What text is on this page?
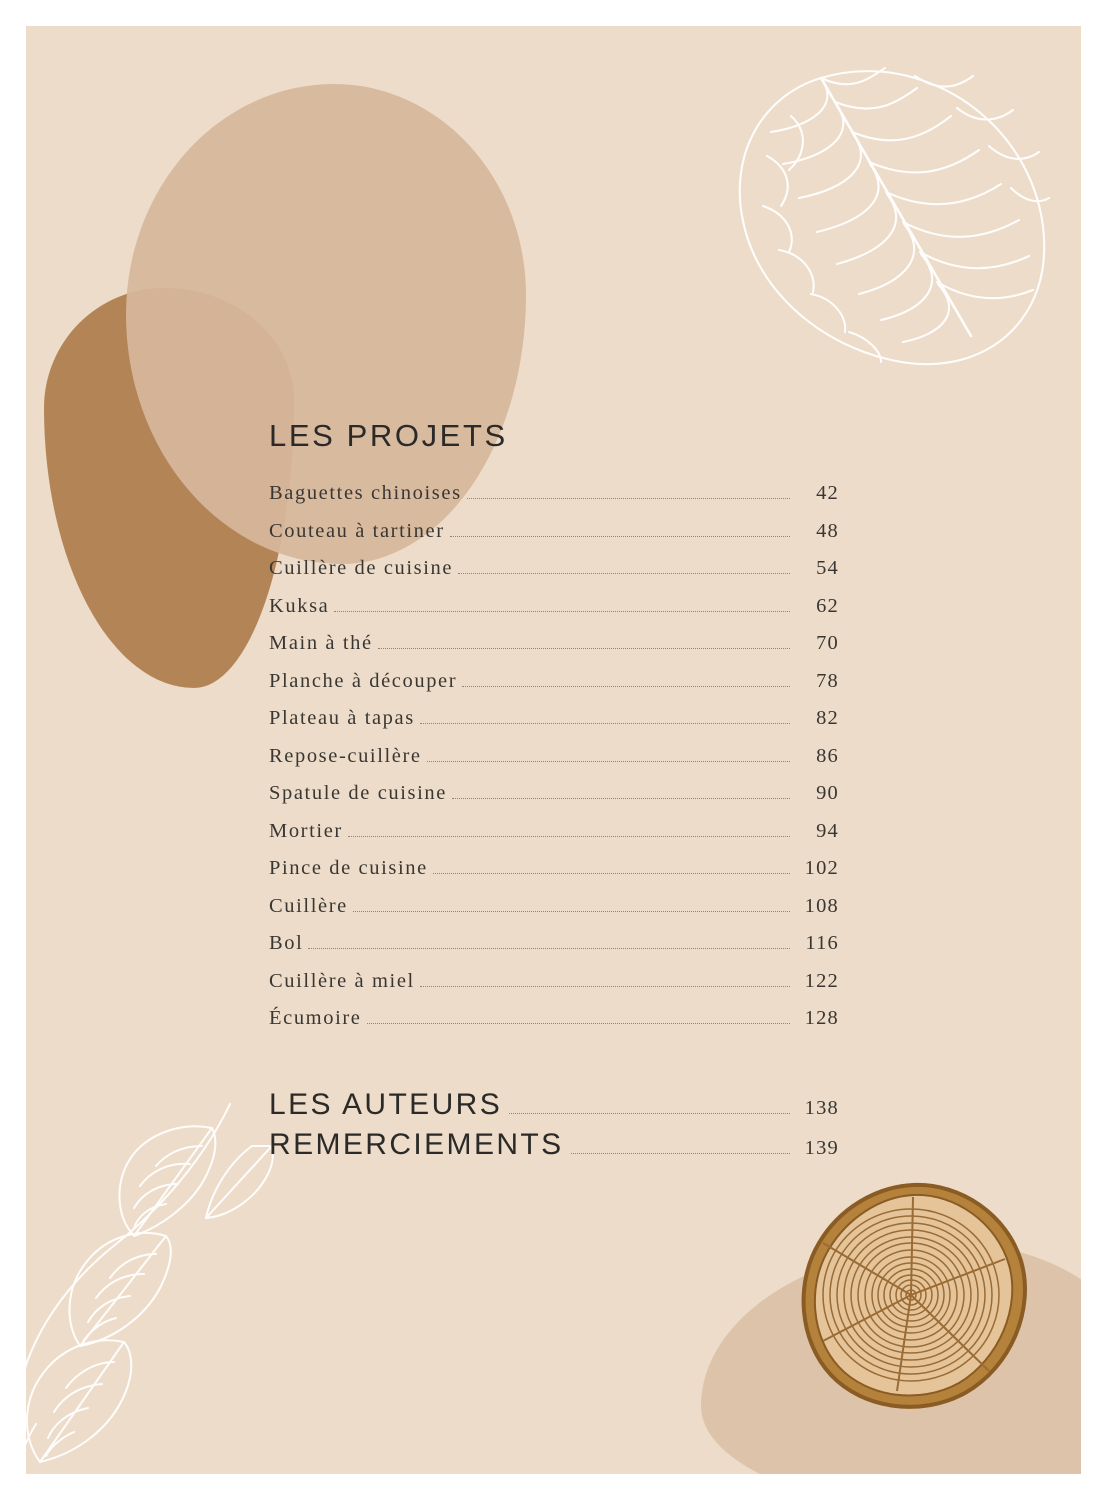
LES PROJETS
Baguettes chinoises	42
Couteau à tartiner	48
Cuillère de cuisine	54
Kuksa	62
Main à thé	70
Planche à découper	78
Plateau à tapas	82
Repose-cuillère	86
Spatule de cuisine	90
Mortier	94
Pince de cuisine	102
Cuillère	108
Bol	116
Cuillère à miel	122
Écumoire	128
LES AUTEURS	138
REMERCIEMENTS	139
